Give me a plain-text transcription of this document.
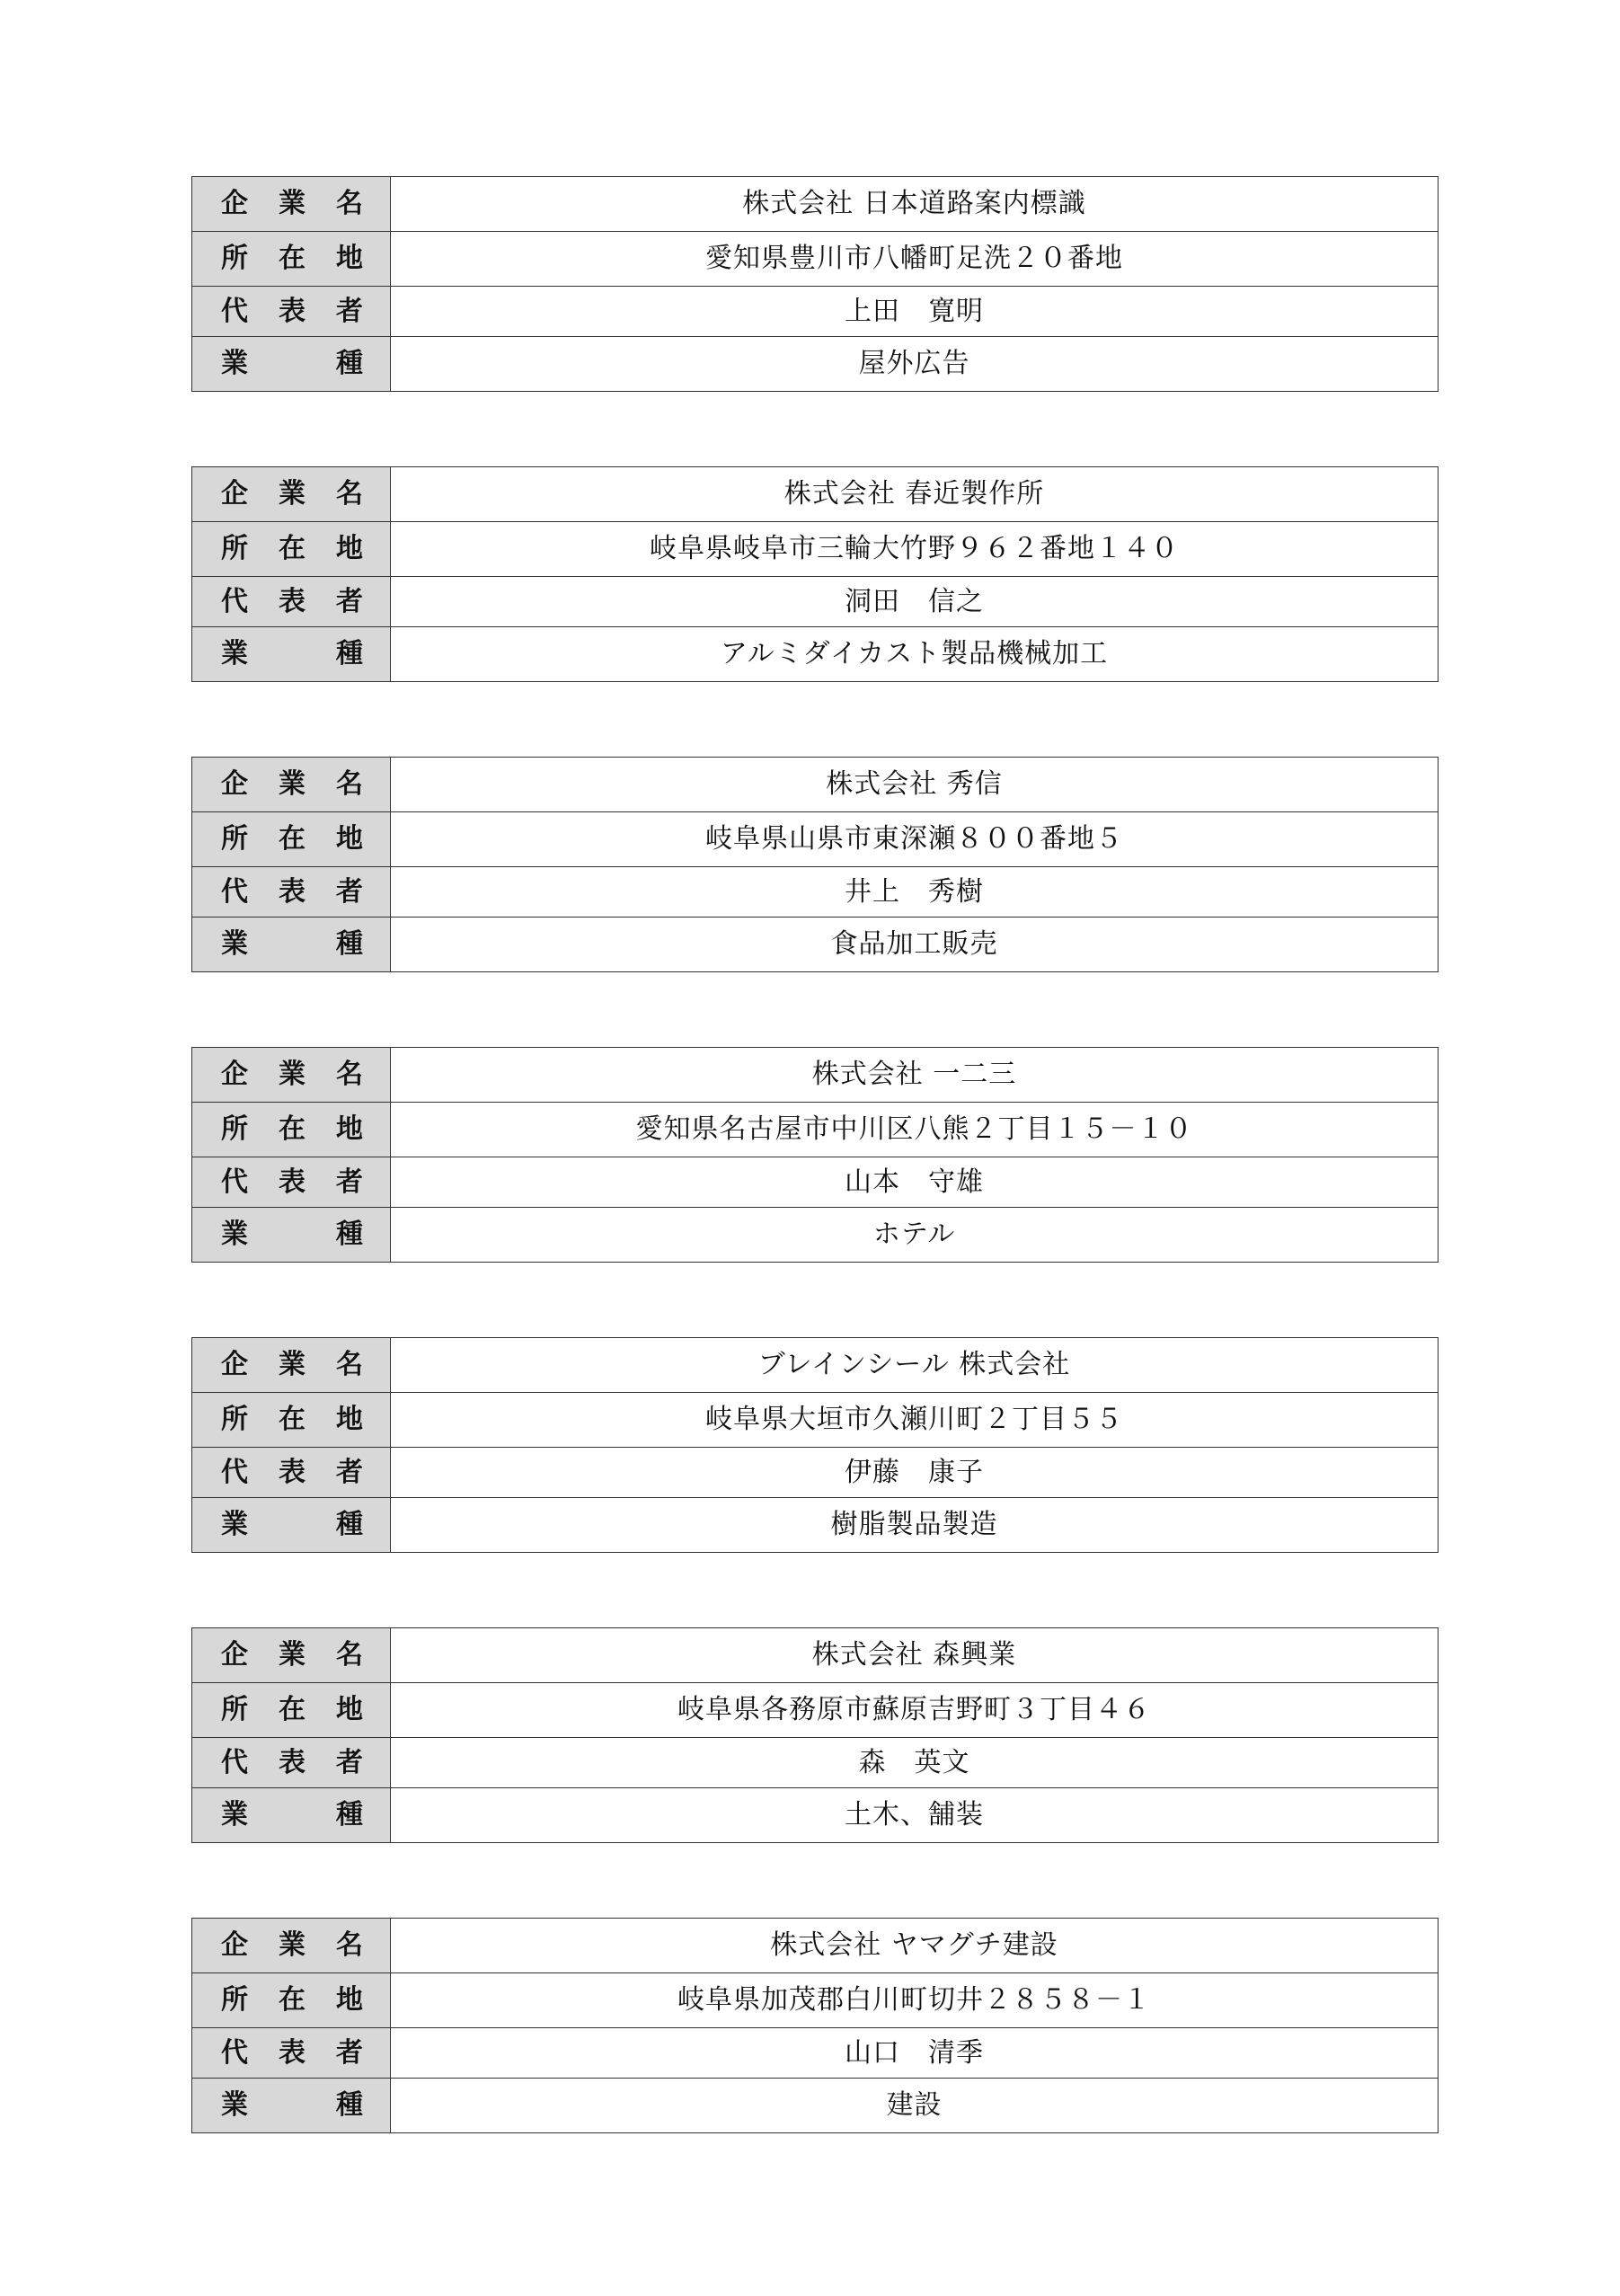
企 業 名	株式会社 日本道路案内標識

所 在 地	愛知県豊川市八幡町足洗２０番地

代 表 者	上田　寛明

業 種	屋外広告
企 業 名	株式会社 春近製作所

所 在 地	岐阜県岐阜市三輪大竹野９６２番地１４０

代 表 者	洞田　信之

業 種	アルミダイカスト製品機械加工
企 業 名	株式会社 秀信

所 在 地	岐阜県山県市東深瀬８００番地５

代 表 者	井上　秀樹

業 種	食品加工販売
企 業 名	株式会社 一二三

所 在 地	愛知県名古屋市中川区八熊２丁目１５－１０

代 表 者	山本　守雄

業 種	ホテル
企 業 名	ブレインシール 株式会社

所 在 地	岐阜県大垣市久瀬川町２丁目５５

代 表 者	伊藤　康子

業 種	樹脂製品製造
企 業 名	株式会社 森興業

所 在 地	岐阜県各務原市蘇原吉野町３丁目４６

代 表 者	森　英文

業 種	土木、舗装
企 業 名	株式会社 ヤマグチ建設

所 在 地	岐阜県加茂郡白川町切井２８５８－１

代 表 者	山口　清季

業 種	建設
